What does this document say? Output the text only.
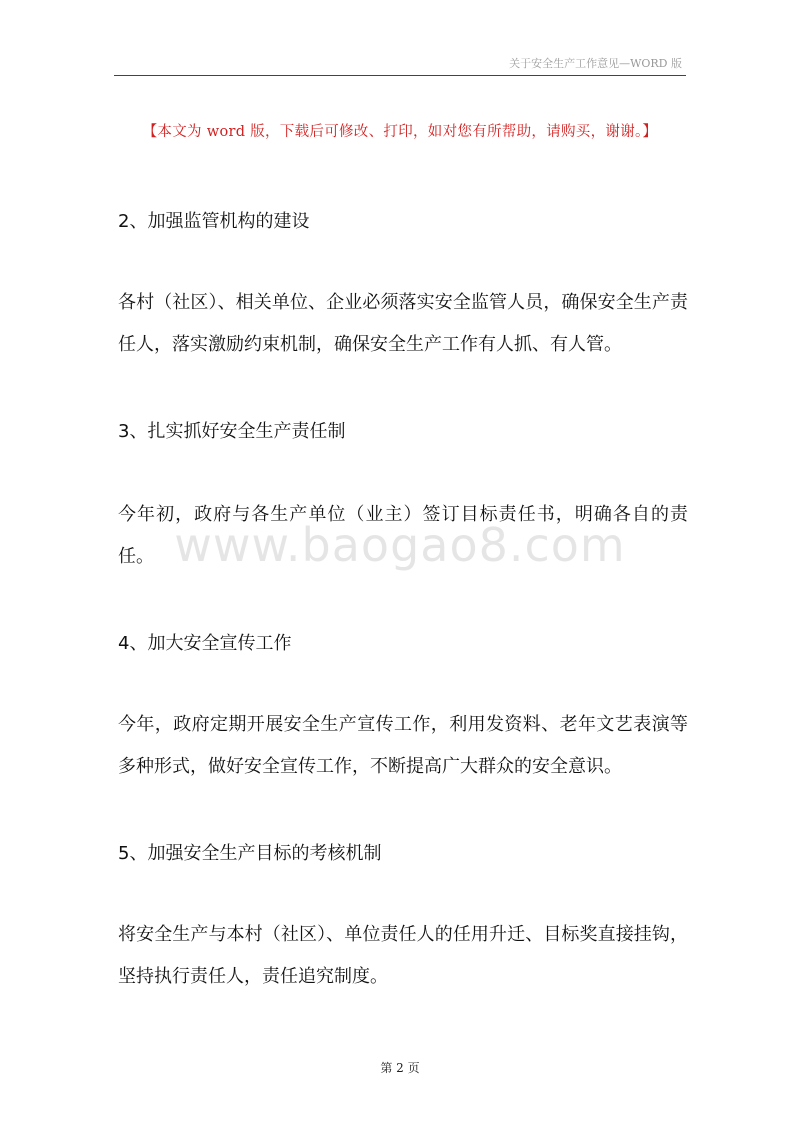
关于安全生产工作意见—WORD 版
【本文为 word 版，下载后可修改、打印，如对您有所帮助，请购买，谢谢。】
2、加强监管机构的建设
各村（社区）、相关单位、企业必须落实安全监管人员，确保安全生产责任人，落实激励约束机制，确保安全生产工作有人抓、有人管。
3、扎实抓好安全生产责任制
今年初，政府与各生产单位（业主）签订目标责任书，明确各自的责任。
4、加大安全宣传工作
今年，政府定期开展安全生产宣传工作，利用发资料、老年文艺表演等多种形式，做好安全宣传工作，不断提高广大群众的安全意识。
5、加强安全生产目标的考核机制
将安全生产与本村（社区）、单位责任人的任用升迁、目标奖直接挂钩，坚持执行责任人，责任追究制度。
www.baogao8.com
第 2 页
